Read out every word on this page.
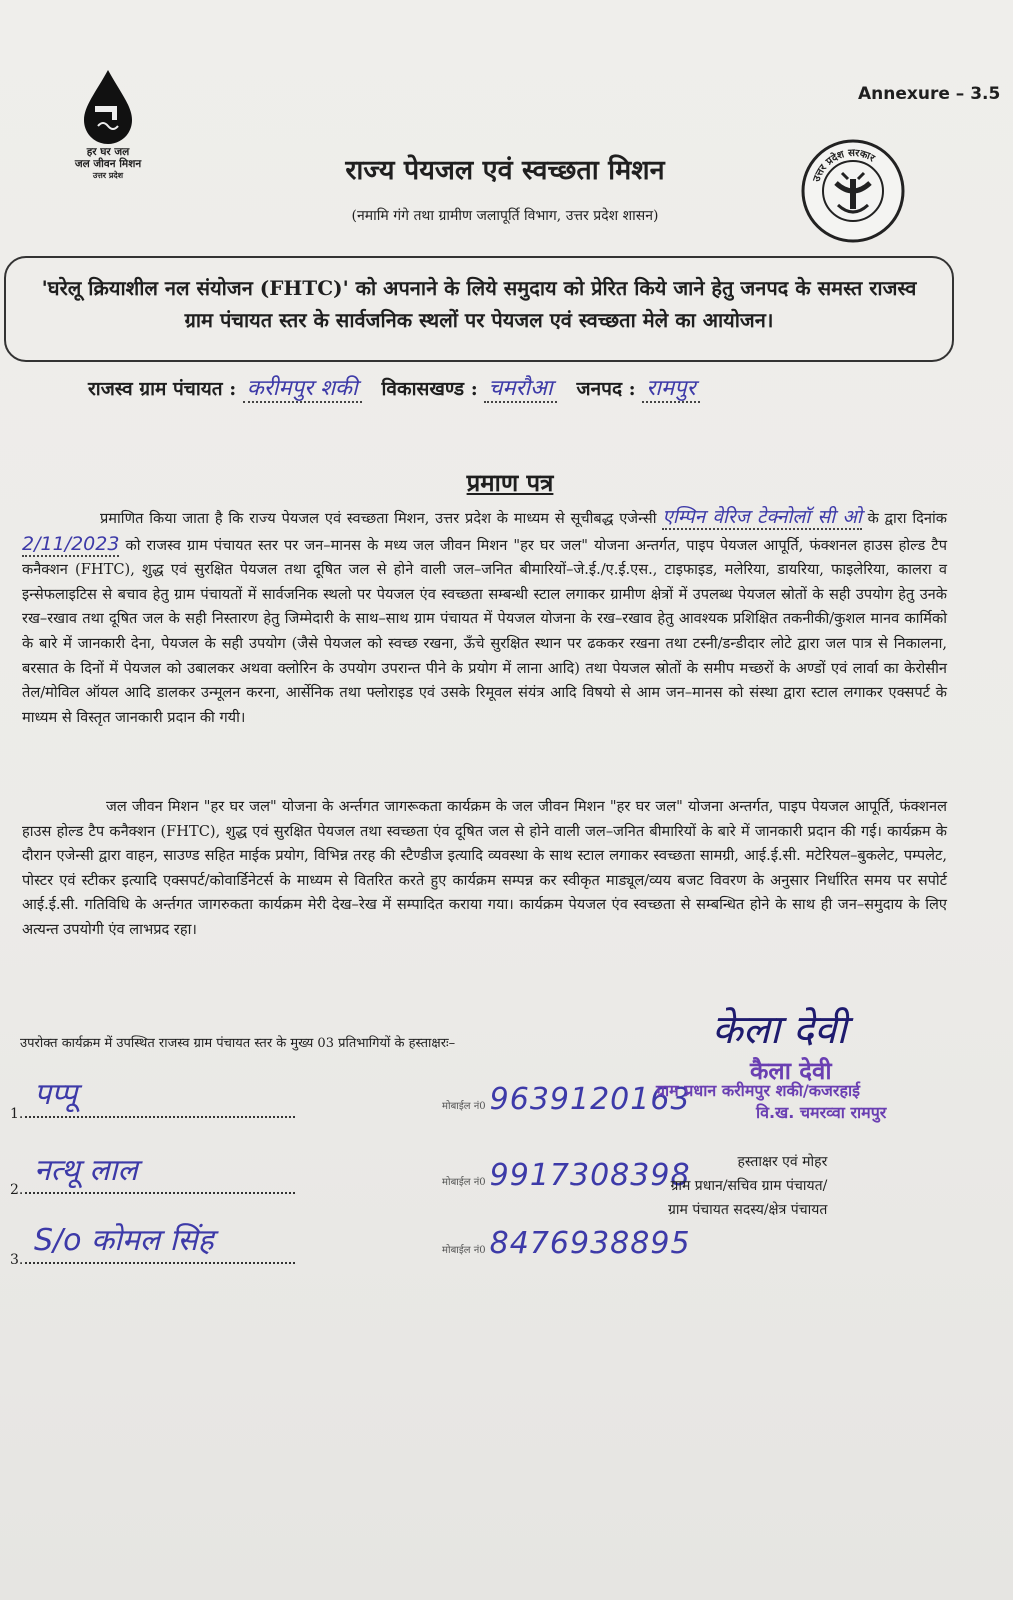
हर घर जल
जल जीवन मिशन
उत्तर प्रदेश
Annexure – 3.5
उत्तर प्रदेश सरकार
राज्य पेयजल एवं स्वच्छता मिशन
(नमामि गंगे तथा ग्रामीण जलापूर्ति विभाग, उत्तर प्रदेश शासन)
'घरेलू क्रियाशील नल संयोजन (FHTC)' को अपनाने के लिये समुदाय को प्रेरित किये जाने हेतु जनपद के समस्त राजस्व ग्राम पंचायत स्तर के सार्वजनिक स्थलों पर पेयजल एवं स्वच्छता मेले का आयोजन।
राजस्व ग्राम पंचायत : करीमपुर शकी विकासखण्ड : चमरौआ जनपद : रामपुर
प्रमाण पत्र
प्रमाणित किया जाता है कि राज्य पेयजल एवं स्वच्छता मिशन, उत्तर प्रदेश के माध्यम से सूचीबद्ध एजेन्सी एम्पिन वेरिज टेक्नोलॉ सी ओ के द्वारा दिनांक 2/11/2023 को राजस्व ग्राम पंचायत स्तर पर जन–मानस के मध्य जल जीवन मिशन "हर घर जल" योजना अन्तर्गत, पाइप पेयजल आपूर्ति, फंक्शनल हाउस होल्ड टैप कनैक्शन (FHTC), शुद्ध एवं सुरक्षित पेयजल तथा दूषित जल से होने वाली जल–जनित बीमारियों–जे.ई./ए.ई.एस., टाइफाइड, मलेरिया, डायरिया, फाइलेरिया, कालरा व इन्सेफलाइटिस से बचाव हेतु ग्राम पंचायतों में सार्वजनिक स्थलो पर पेयजल एंव स्वच्छता सम्बन्धी स्टाल लगाकर ग्रामीण क्षेत्रों में उपलब्ध पेयजल स्रोतों के सही उपयोग हेतु उनके रख–रखाव तथा दूषित जल के सही निस्तारण हेतु जिम्मेदारी के साथ–साथ ग्राम पंचायत में पेयजल योजना के रख–रखाव हेतु आवश्यक प्रशिक्षित तकनीकी/कुशल मानव कार्मिको के बारे में जानकारी देना, पेयजल के सही उपयोग (जैसे पेयजल को स्वच्छ रखना, ऊँचे सुरक्षित स्थान पर ढककर रखना तथा टस्नी/डन्डीदार लोटे द्वारा जल पात्र से निकालना, बरसात के दिनों में पेयजल को उबालकर अथवा क्लोरिन के उपयोग उपरान्त पीने के प्रयोग में लाना आदि) तथा पेयजल स्रोतों के समीप मच्छरों के अण्डों एवं लार्वा का केरोसीन तेल/मोविल ऑयल आदि डालकर उन्मूलन करना, आर्सेनिक तथा फ्लोराइड एवं उसके रिमूवल संयंत्र आदि विषयो से आम जन–मानस को संस्था द्वारा स्टाल लगाकर एक्सपर्ट के माध्यम से विस्तृत जानकारी प्रदान की गयी।
जल जीवन मिशन "हर घर जल" योजना के अर्न्तगत जागरूकता कार्यक्रम के जल जीवन मिशन "हर घर जल" योजना अन्तर्गत, पाइप पेयजल आपूर्ति, फंक्शनल हाउस होल्ड टैप कनैक्शन (FHTC), शुद्ध एवं सुरक्षित पेयजल तथा स्वच्छता एंव दूषित जल से होने वाली जल–जनित बीमारियों के बारे में जानकारी प्रदान की गई। कार्यक्रम के दौरान एजेन्सी द्वारा वाहन, साउण्ड सहित माईक प्रयोग, विभिन्न तरह की स्टैण्डीज इत्यादि व्यवस्था के साथ स्टाल लगाकर स्वच्छता सामग्री, आई.ई.सी. मटेरियल–बुकलेट, पम्पलेट, पोस्टर एवं स्टीकर इत्यादि एक्सपर्ट/कोवार्डिनेटर्स के माध्यम से वितरित करते हुए कार्यक्रम सम्पन्न कर स्वीकृत माड्यूल/व्यय बजट विवरण के अनुसार निर्धारित समय पर सपोर्ट आई.ई.सी. गतिविधि के अर्न्तगत जागरुकता कार्यक्रम मेरी देख–रेख में सम्पादित कराया गया। कार्यक्रम पेयजल एंव स्वच्छता से सम्बन्धित होने के साथ ही जन–समुदाय के लिए अत्यन्त उपयोगी एंव लाभप्रद रहा।
उपरोक्त कार्यक्रम में उपस्थित राजस्व ग्राम पंचायत स्तर के मुख्य 03 प्रतिभागियों के हस्ताक्षरः–
1.
पप्पू
2.
नत्थू लाल
3.
S/o कोमल सिंह
मोबाईल नं0 9639120163
मोबाईल नं0 9917308398
मोबाईल नं0 8476938895
केला देवी
कैला देवी
ग्राम प्रधान करीमपुर शकी/कजरहाई
वि.ख. चमरव्वा रामपुर
हस्ताक्षर एवं मोहर
ग्राम प्रधान/सचिव ग्राम पंचायत/
ग्राम पंचायत सदस्य/क्षेत्र पंचायत
